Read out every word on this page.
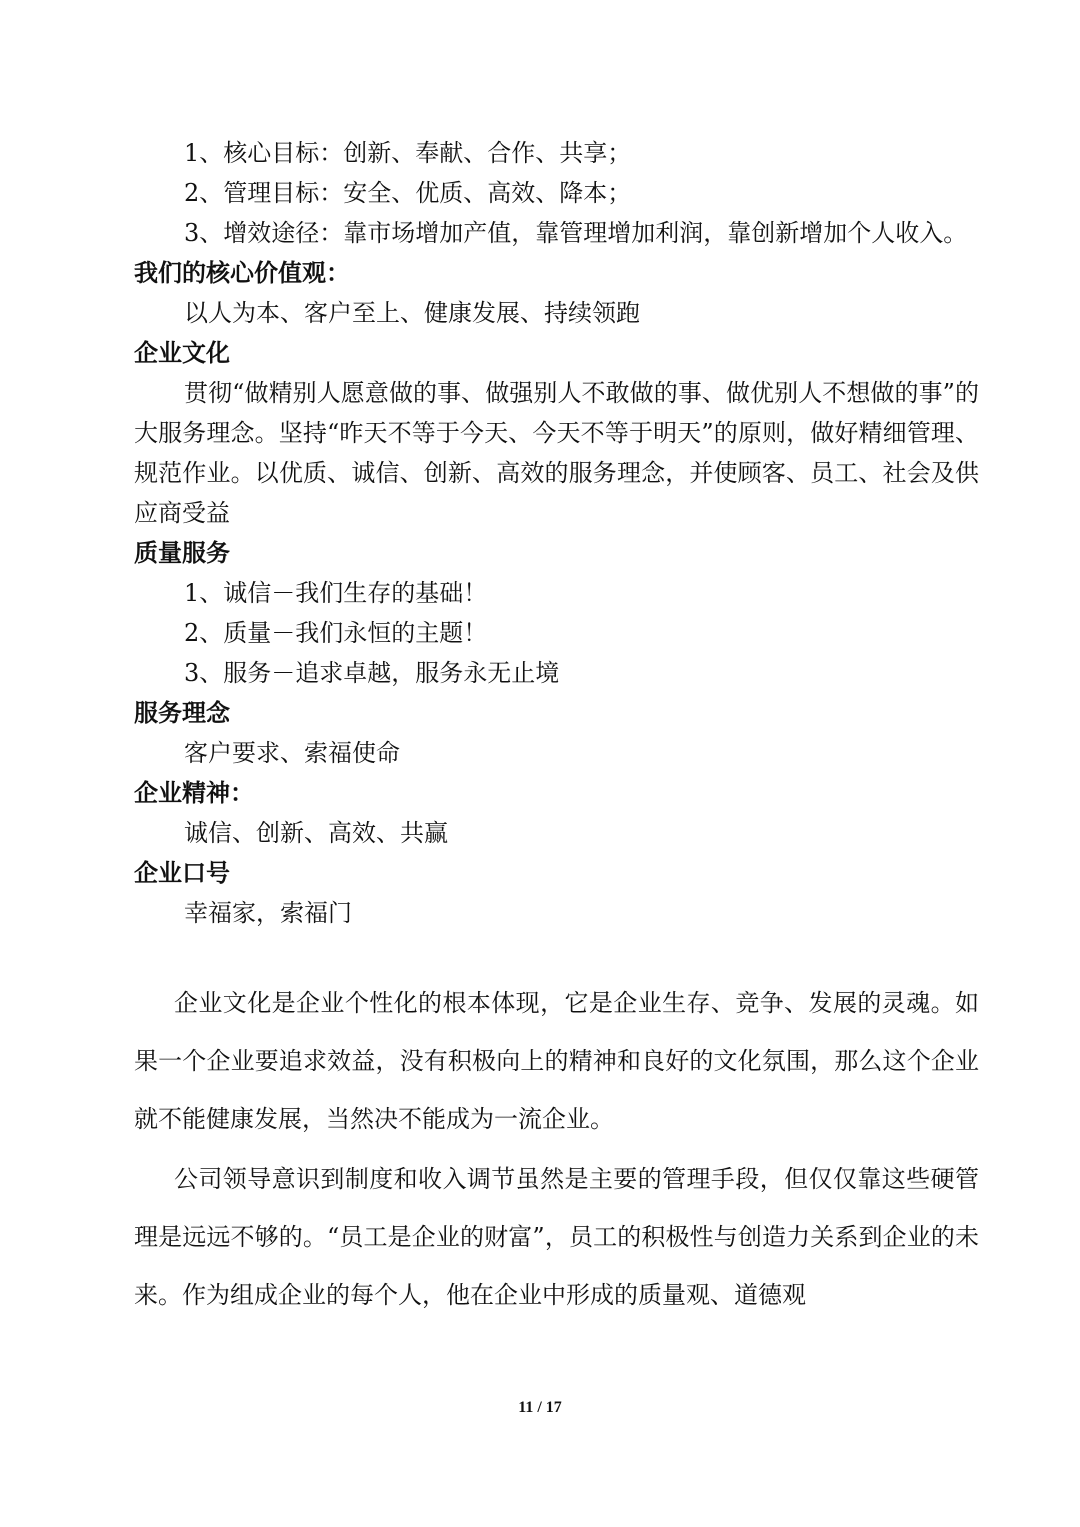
1、核心目标：创新、奉献、合作、共享；
2、管理目标：安全、优质、高效、降本；
3、增效途径：靠市场增加产值，靠管理增加利润，靠创新增加个人收入。
我们的核心价值观：
以人为本、客户至上、健康发展、持续领跑
企业文化
贯彻“做精别人愿意做的事、做强别人不敢做的事、做优别人不想做的事”的大服务理念。坚持“昨天不等于今天、今天不等于明天”的原则，做好精细管理、规范作业。以优质、诚信、创新、高效的服务理念，并使顾客、员工、社会及供应商受益
质量服务
1、诚信－我们生存的基础！
2、质量－我们永恒的主题！
3、服务－追求卓越，服务永无止境
服务理念
客户要求、索福使命
企业精神：
诚信、创新、高效、共赢
企业口号
幸福家，索福门

企业文化是企业个性化的根本体现，它是企业生存、竞争、发展的灵魂。如果一个企业要追求效益，没有积极向上的精神和良好的文化氛围，那么这个企业就不能健康发展，当然决不能成为一流企业。

公司领导意识到制度和收入调节虽然是主要的管理手段，但仅仅靠这些硬管理是远远不够的。“员工是企业的财富”，员工的积极性与创造力关系到企业的未来。作为组成企业的每个人，他在企业中形成的质量观、道德观

11 / 17
